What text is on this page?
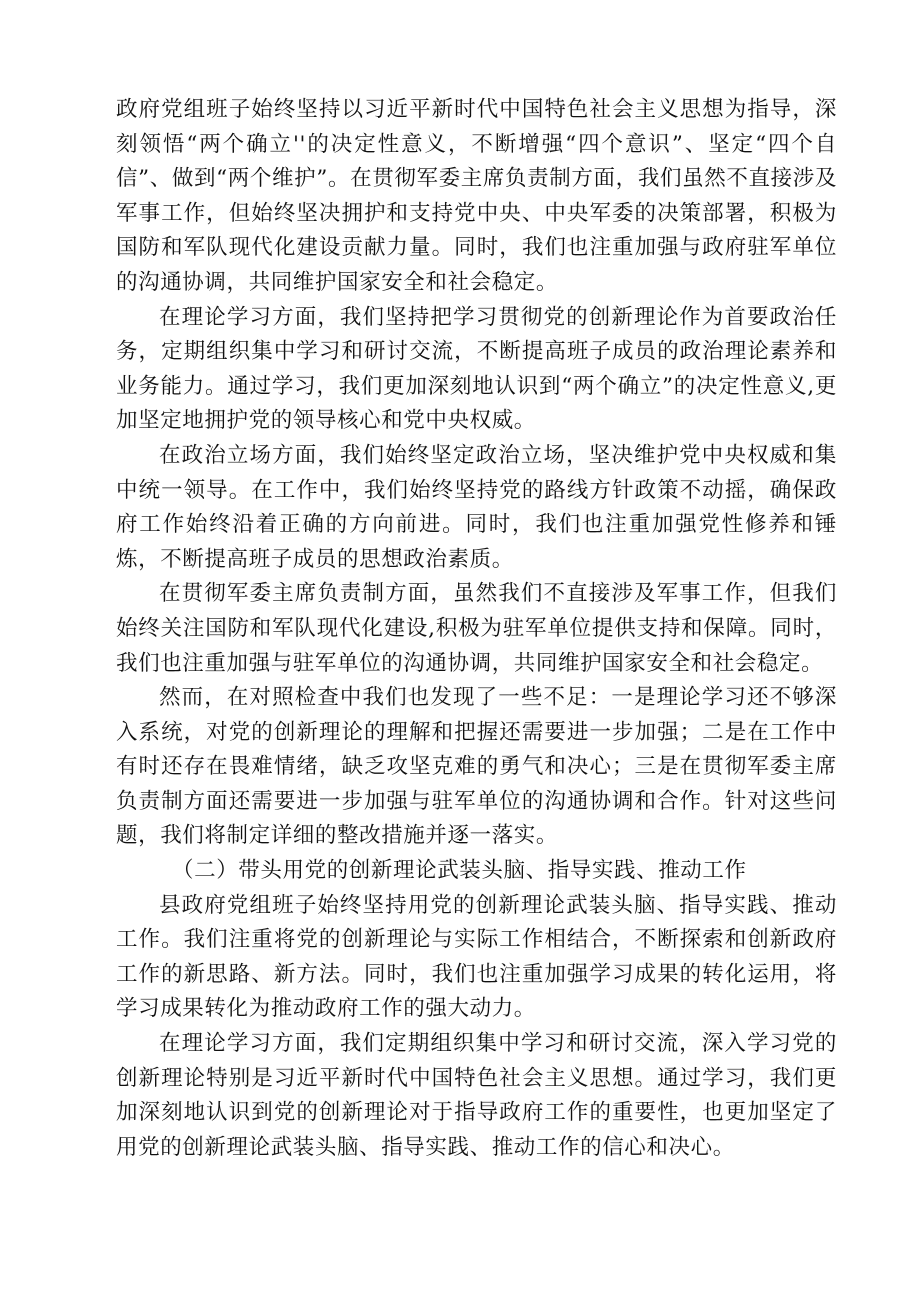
政府党组班子始终坚持以习近平新时代中国特色社会主义思想为指导，深刻领悟“两个确立''的决定性意义，不断增强“四个意识”、坚定“四个自信”、做到“两个维护”。在贯彻军委主席负责制方面，我们虽然不直接涉及军事工作，但始终坚决拥护和支持党中央、中央军委的决策部署，积极为国防和军队现代化建设贡献力量。同时，我们也注重加强与政府驻军单位的沟通协调，共同维护国家安全和社会稳定。

在理论学习方面，我们坚持把学习贯彻党的创新理论作为首要政治任务，定期组织集中学习和研讨交流，不断提高班子成员的政治理论素养和业务能力。通过学习，我们更加深刻地认识到“两个确立”的决定性意义,更加坚定地拥护党的领导核心和党中央权威。

在政治立场方面，我们始终坚定政治立场，坚决维护党中央权威和集中统一领导。在工作中，我们始终坚持党的路线方针政策不动摇，确保政府工作始终沿着正确的方向前进。同时，我们也注重加强党性修养和锤炼，不断提高班子成员的思想政治素质。

在贯彻军委主席负责制方面，虽然我们不直接涉及军事工作，但我们始终关注国防和军队现代化建设,积极为驻军单位提供支持和保障。同时，我们也注重加强与驻军单位的沟通协调，共同维护国家安全和社会稳定。

然而，在对照检查中我们也发现了一些不足：一是理论学习还不够深入系统，对党的创新理论的理解和把握还需要进一步加强；二是在工作中有时还存在畏难情绪，缺乏攻坚克难的勇气和决心；三是在贯彻军委主席负责制方面还需要进一步加强与驻军单位的沟通协调和合作。针对这些问题，我们将制定详细的整改措施并逐一落实。

（二）带头用党的创新理论武装头脑、指导实践、推动工作

县政府党组班子始终坚持用党的创新理论武装头脑、指导实践、推动工作。我们注重将党的创新理论与实际工作相结合，不断探索和创新政府工作的新思路、新方法。同时，我们也注重加强学习成果的转化运用，将学习成果转化为推动政府工作的强大动力。

在理论学习方面，我们定期组织集中学习和研讨交流，深入学习党的创新理论特别是习近平新时代中国特色社会主义思想。通过学习，我们更加深刻地认识到党的创新理论对于指导政府工作的重要性，也更加坚定了用党的创新理论武装头脑、指导实践、推动工作的信心和决心。
